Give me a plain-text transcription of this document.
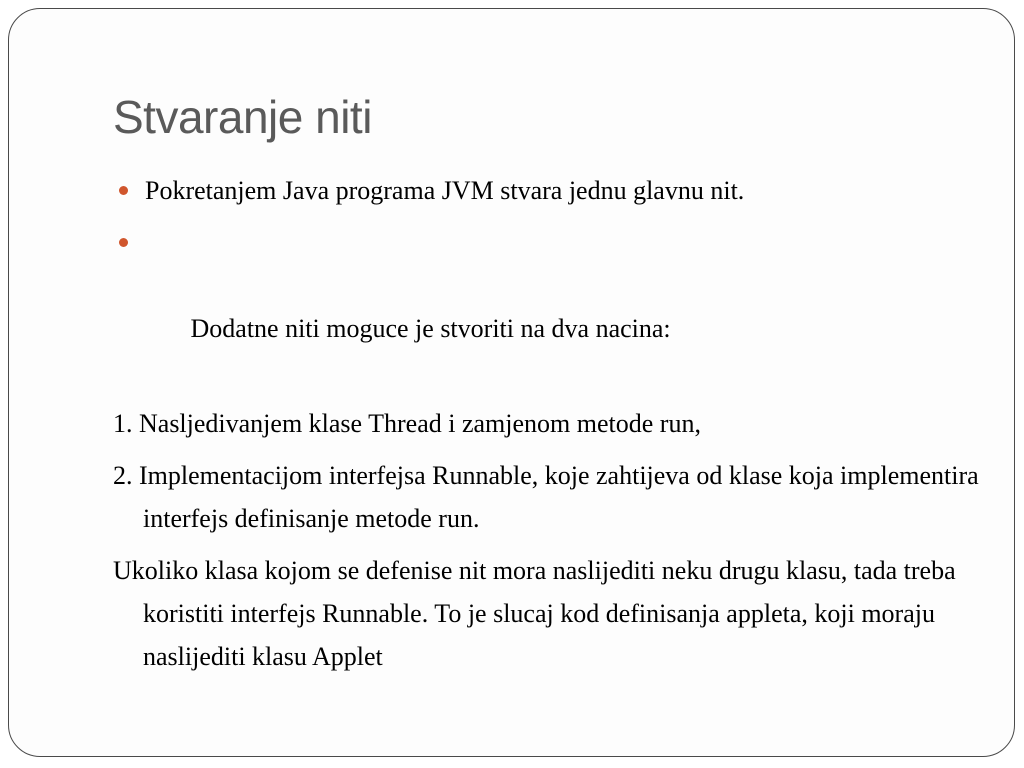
Stvaranje niti
Pokretanjem Java programa JVM stvara jednu glavnu nit.

Dodatne niti moguce je stvoriti na dva nacina:

1. Nasljedivanjem klase Thread i zamjenom metode run,
2. Implementacijom interfejsa Runnable, koje zahtijeva od klase koja implementira interfejs definisanje metode run.
Ukoliko klasa kojom se defenise nit mora naslijediti neku drugu klasu, tada treba koristiti interfejs Runnable. To je slucaj kod definisanja appleta, koji moraju naslijediti klasu Applet
